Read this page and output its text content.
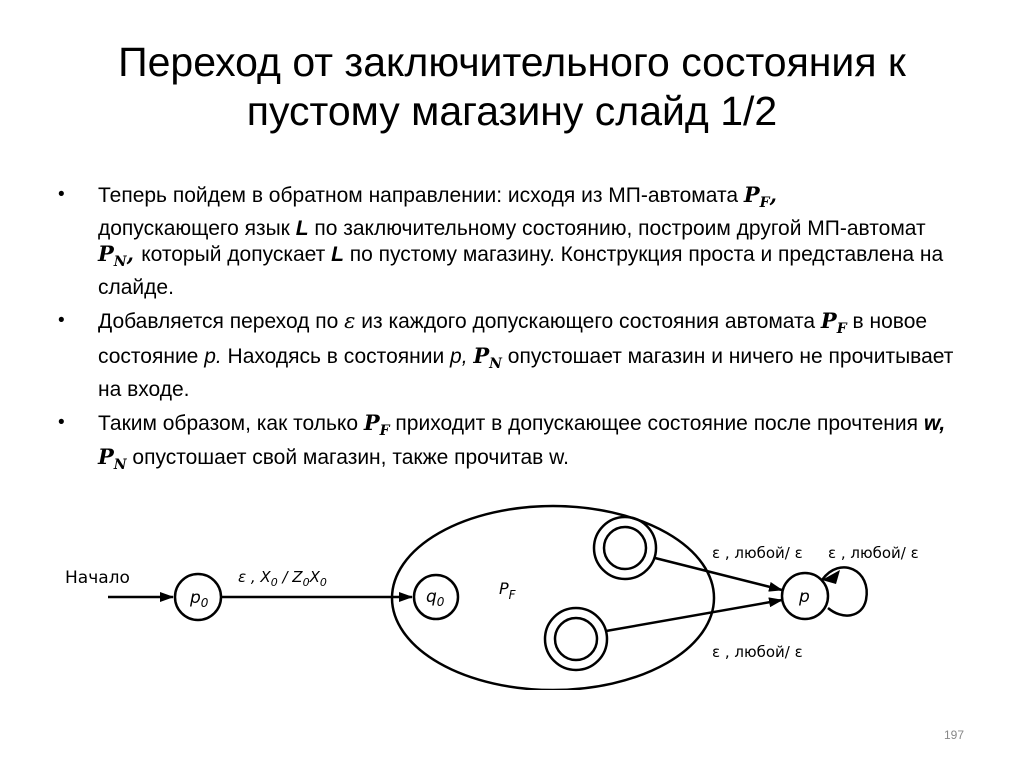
Переход от заключительного состояния к
пустому магазину слайд 1/2
• Теперь пойдем в обратном направлении: исходя из МП-автомата $P_F$,
допускающего язык L по заключительному состоянию, построим другой МП-автомат $P_N$, который допускает L по пустому магазину. Конструкция проста и представлена на слайде.
• Добавляется переход по ε из каждого допускающего состояния автомата $P_F$ в новое состояние p. Находясь в состоянии p, $P_N$ опустошает магазин и ничего не прочитывает на входе.
• Таким образом, как только $P_F$ приходит в допускающее состояние после прочтения w, $P_N$ опустошает свой магазин, также прочитав w.
Начало
$p_0$
ε , $X_0 / Z_0X_0$	$P_F$
$q_0$	p
ε , любой/ ε
ε , любой/ ε
ε , любой/ ε
197
